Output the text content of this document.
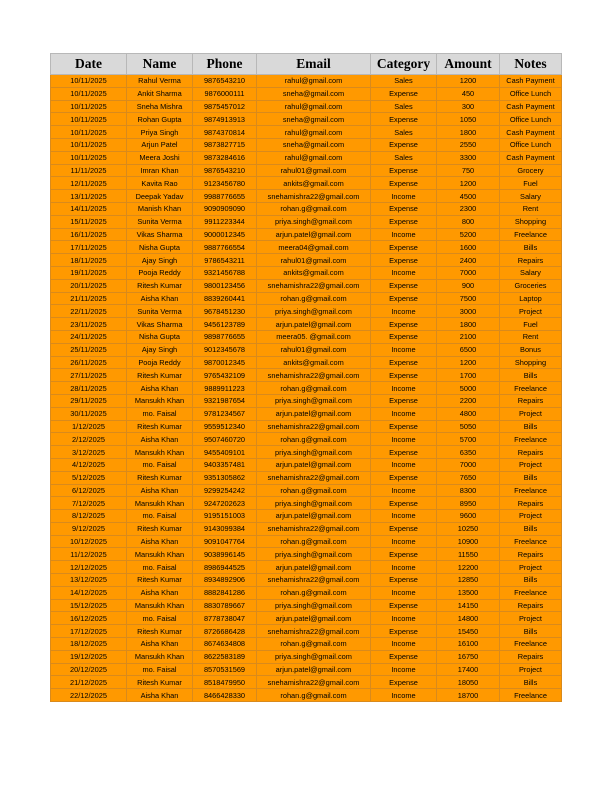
Date	Name	Phone	Email	Category	Amount	Notes
10/11/2025	Rahul Verma	9876543210	rahul@gmail.com	Sales	1200	Cash Payment
10/11/2025	Ankit Sharma	9876000111	sneha@gmail.com	Expense	450	Office Lunch
10/11/2025	Sneha Mishra	9875457012	rahul@gmail.com	Sales	300	Cash Payment
10/11/2025	Rohan Gupta	9874913913	sneha@gmail.com	Expense	1050	Office Lunch
10/11/2025	Priya Singh	9874370814	rahul@gmail.com	Sales	1800	Cash Payment
10/11/2025	Arjun Patel	9873827715	sneha@gmail.com	Expense	2550	Office Lunch
10/11/2025	Meera Joshi	9873284616	rahul@gmail.com	Sales	3300	Cash Payment
11/11/2025	Imran Khan	9876543210	rahul01@gmail.com	Expense	750	Grocery
12/11/2025	Kavita Rao	9123456780	ankits@gmail.com	Expense	1200	Fuel
13/11/2025	Deepak Yadav	9988776655	snehamishra22@gmail.com	Income	4500	Salary
14/11/2025	Manish Khan	9090909090	rohan.g@gmail.com	Expense	2300	Rent
15/11/2025	Sunita Verma	9911223344	priya.singh@gmail.com	Expense	800	Shopping
16/11/2025	Vikas Sharma	9000012345	arjun.patel@gmail.com	Income	5200	Freelance
17/11/2025	Nisha Gupta	9887766554	meera04@gmail.com	Expense	1600	Bills
18/11/2025	Ajay Singh	9786543211	rahul01@gmail.com	Expense	2400	Repairs
19/11/2025	Pooja Reddy	9321456788	ankits@gmail.com	Income	7000	Salary
20/11/2025	Ritesh Kumar	9800123456	snehamishra22@gmail.com	Expense	900	Groceries
21/11/2025	Aisha Khan	8839260441	rohan.g@gmail.com	Expense	7500	Laptop
22/11/2025	Sunita Verma	9678451230	priya.singh@gmail.com	Income	3000	Project
23/11/2025	Vikas Sharma	9456123789	arjun.patel@gmail.com	Expense	1800	Fuel
24/11/2025	Nisha Gupta	9898776655	meera05. @gmail.com	Expense	2100	Rent
25/11/2025	Ajay Singh	9012345678	rahul01@gmail.com	Income	6500	Bonus
26/11/2025	Pooja Reddy	9870012345	ankits@gmail.com	Expense	1200	Shopping
27/11/2025	Ritesh Kumar	9765432109	snehamishra22@gmail.com	Expense	1700	Bills
28/11/2025	Aisha Khan	9889911223	rohan.g@gmail.com	Income	5000	Freelance
29/11/2025	Mansukh Khan	9321987654	priya.singh@gmail.com	Expense	2200	Repairs
30/11/2025	mo. Faisal	9781234567	arjun.patel@gmail.com	Income	4800	Project
1/12/2025	Ritesh Kumar	9559512340	snehamishra22@gmail.com	Expense	5050	Bills
2/12/2025	Aisha Khan	9507460720	rohan.g@gmail.com	Income	5700	Freelance
3/12/2025	Mansukh Khan	9455409101	priya.singh@gmail.com	Expense	6350	Repairs
4/12/2025	mo. Faisal	9403357481	arjun.patel@gmail.com	Income	7000	Project
5/12/2025	Ritesh Kumar	9351305862	snehamishra22@gmail.com	Expense	7650	Bills
6/12/2025	Aisha Khan	9299254242	rohan.g@gmail.com	Income	8300	Freelance
7/12/2025	Mansukh Khan	9247202623	priya.singh@gmail.com	Expense	8950	Repairs
8/12/2025	mo. Faisal	9195151003	arjun.patel@gmail.com	Income	9600	Project
9/12/2025	Ritesh Kumar	9143099384	snehamishra22@gmail.com	Expense	10250	Bills
10/12/2025	Aisha Khan	9091047764	rohan.g@gmail.com	Income	10900	Freelance
11/12/2025	Mansukh Khan	9038996145	priya.singh@gmail.com	Expense	11550	Repairs
12/12/2025	mo. Faisal	8986944525	arjun.patel@gmail.com	Income	12200	Project
13/12/2025	Ritesh Kumar	8934892906	snehamishra22@gmail.com	Expense	12850	Bills
14/12/2025	Aisha Khan	8882841286	rohan.g@gmail.com	Income	13500	Freelance
15/12/2025	Mansukh Khan	8830789667	priya.singh@gmail.com	Expense	14150	Repairs
16/12/2025	mo. Faisal	8778738047	arjun.patel@gmail.com	Income	14800	Project
17/12/2025	Ritesh Kumar	8726686428	snehamishra22@gmail.com	Expense	15450	Bills
18/12/2025	Aisha Khan	8674634808	rohan.g@gmail.com	Income	16100	Freelance
19/12/2025	Mansukh Khan	8622583189	priya.singh@gmail.com	Expense	16750	Repairs
20/12/2025	mo. Faisal	8570531569	arjun.patel@gmail.com	Income	17400	Project
21/12/2025	Ritesh Kumar	8518479950	snehamishra22@gmail.com	Expense	18050	Bills
22/12/2025	Aisha Khan	8466428330	rohan.g@gmail.com	Income	18700	Freelance
